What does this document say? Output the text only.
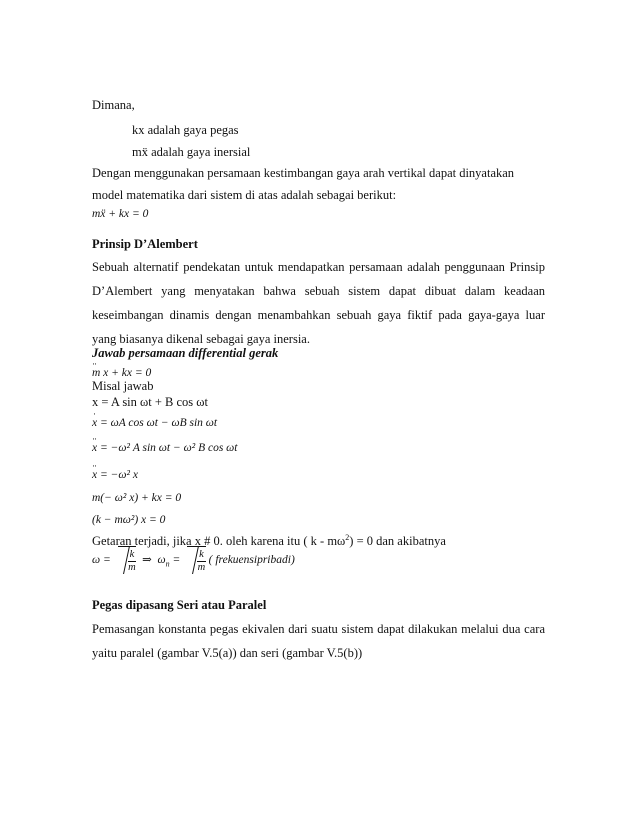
Dimana,
kx adalah gaya pegas
mẍ adalah gaya inersial
Dengan menggunakan persamaan kestimbangan gaya arah vertikal dapat dinyatakan
model matematika dari sistem di atas adalah sebagai berikut:
mẍ + kx = 0
Prinsip D’Alembert
Sebuah alternatif pendekatan untuk mendapatkan persamaan adalah penggunaan Prinsip
D’Alembert yang menyatakan bahwa sebuah sistem dapat dibuat dalam keadaan
keseimbangan dinamis dengan menambahkan sebuah gaya fiktif pada gaya-gaya luar
yang biasanya dikenal sebagai gaya inersia.
Jawab persamaan differential gerak
·· m x + kx = 0
Misal jawab
x = A sin ωt + B cos ωt
· x = ωA cos ωt − ωB sin ωt
·· x = −ω² A sin ωt − ω² B cos ωt
·· x = −ω² x
m(− ω² x) + kx = 0
(k − mω²) x = 0
Getaran terjadi, jika x # 0. oleh karena itu ( $k - m\omega^2) = 0$ dan akibatnya
$\omega = \frac{k}{m}$ ⇒  $\omega_n = \frac{k}{m}$ ( frekuensipribadi)
Pegas dipasang Seri atau Paralel
Pemasangan konstanta pegas ekivalen dari suatu sistem dapat dilakukan melalui dua cara
yaitu paralel (gambar V.5(a)) dan seri (gambar V.5(b))
